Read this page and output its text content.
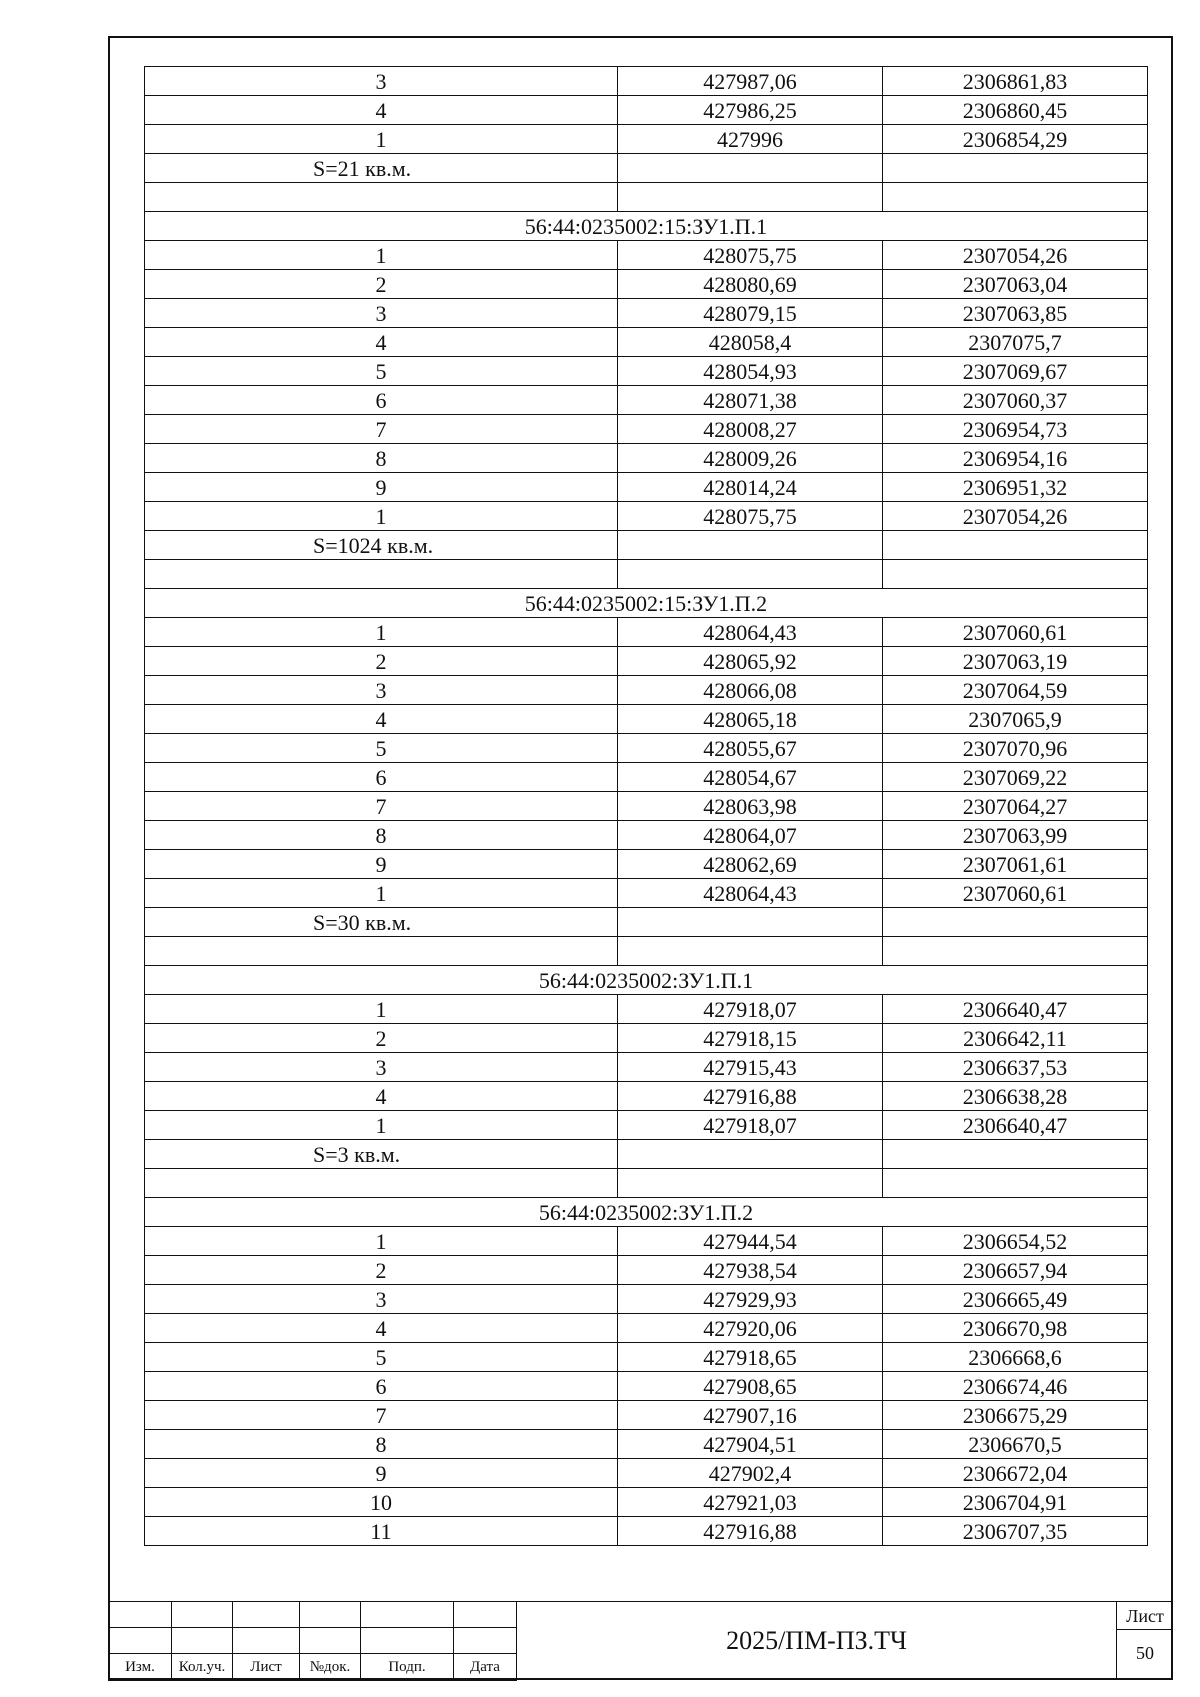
3	427987,06	2306861,83
4	427986,25	2306860,45
1	427996	2306854,29
S=21 кв.м.		

56:44:0235002:15:ЗУ1.П.1		
1	428075,75	2307054,26
2	428080,69	2307063,04
3	428079,15	2307063,85
4	428058,4	2307075,7
5	428054,93	2307069,67
6	428071,38	2307060,37
7	428008,27	2306954,73
8	428009,26	2306954,16
9	428014,24	2306951,32
1	428075,75	2307054,26
S=1024 кв.м.		

56:44:0235002:15:ЗУ1.П.2		
1	428064,43	2307060,61
2	428065,92	2307063,19
3	428066,08	2307064,59
4	428065,18	2307065,9
5	428055,67	2307070,96
6	428054,67	2307069,22
7	428063,98	2307064,27
8	428064,07	2307063,99
9	428062,69	2307061,61
1	428064,43	2307060,61
S=30 кв.м.		

56:44:0235002:ЗУ1.П.1		
1	427918,07	2306640,47
2	427918,15	2306642,11
3	427915,43	2306637,53
4	427916,88	2306638,28
1	427918,07	2306640,47
S=3 кв.м.		

56:44:0235002:ЗУ1.П.2		
1	427944,54	2306654,52
2	427938,54	2306657,94
3	427929,93	2306665,49
4	427920,06	2306670,98
5	427918,65	2306668,6
6	427908,65	2306674,46
7	427907,16	2306675,29
8	427904,51	2306670,5
9	427902,4	2306672,04
10	427921,03	2306704,91
11	427916,88	2306707,35

Изм.	Кол.уч.	Лист	№док.	Подп.	Дата
2025/ПМ-ПЗ.ТЧ
Лист
50
